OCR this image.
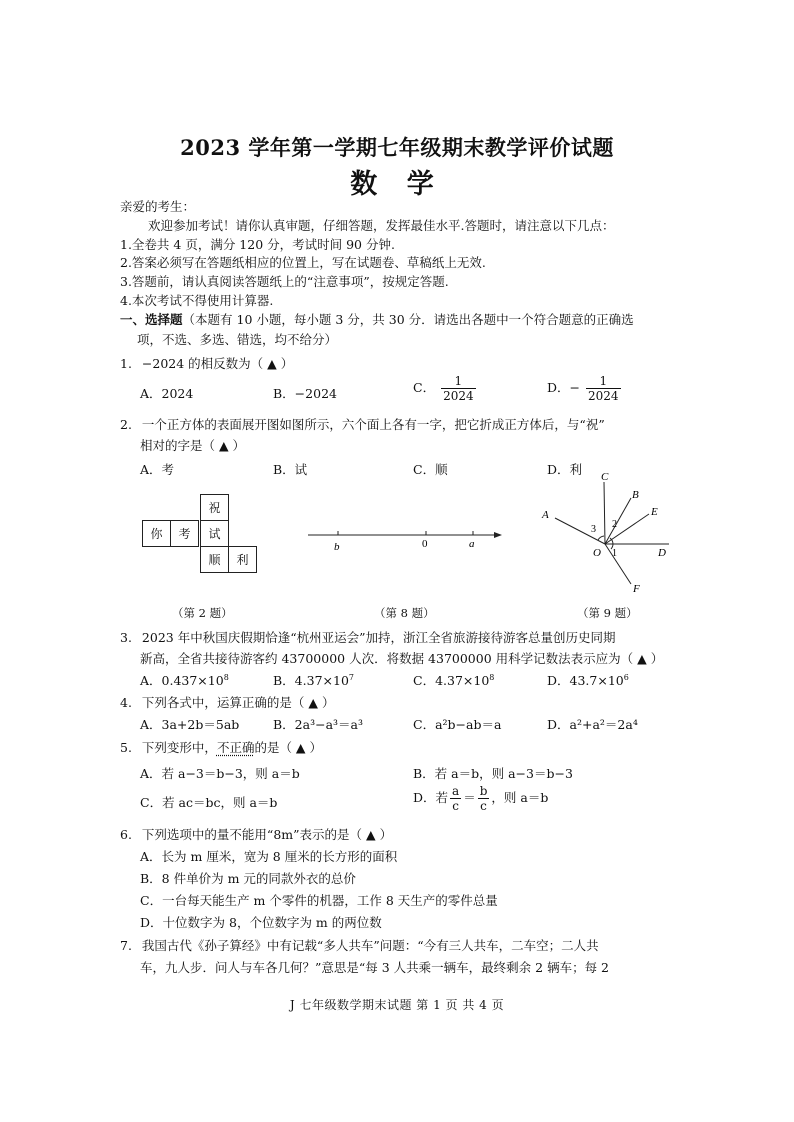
2023 学年第一学期七年级期末教学评价试题
数 学
亲爱的考生：
欢迎参加考试！请你认真审题，仔细答题，发挥最佳水平.答题时，请注意以下几点：
1.全卷共 4 页，满分 120 分，考试时间 90 分钟.
2.答案必须写在答题纸相应的位置上，写在试题卷、草稿纸上无效.
3.答题前，请认真阅读答题纸上的“注意事项”，按规定答题.
4.本次考试不得使用计算器.
一、选择题（本题有 10 小题，每小题 3 分，共 30 分．请选出各题中一个符合题意的正确选
项，不选、多选、错选，均不给分）
1. −2024 的相反数为（ ▲ ）
A．2024	B．−2024	C． $\frac{1}{2024}$	D．− $\frac{1}{2024}$
2. 一个正方体的表面展开图如图所示，六个面上各有一字，把它折成正方体后，与“祝”
相对的字是（ ▲ ）
A．考	B．试	C．顺	D．利
祝
你	考	试
顺	利
（第 2 题）
b	0	a
（第 8 题）
C
B
E
A
D
F
O
2
3
1
（第 9 题）
3. 2023 年中秋国庆假期恰逢“杭州亚运会”加持，浙江全省旅游接待游客总量创历史同期
新高，全省共接待游客约 43700000 人次．将数据 43700000 用科学记数法表示应为（ ▲ ）
A．$0.437\times 10^8$	B．$4.37\times 10^7$	C．$4.37\times 10^8$	D．$43.7\times 10^6$
4. 下列各式中，运算正确的是（ ▲ ）
A．3a+2b＝5ab	B．2a³−a³＝a³	C．a²b−ab＝a	D．a²+a²＝2a⁴
5. 下列变形中，不正确的是（ ▲ ）
A．若 a−3＝b−3，则 a＝b	B．若 a＝b，则 a−3＝b−3
C．若 ac＝bc，则 a＝b	D．若 $\frac{a}{c} = \frac{b}{c}$ ，则 a＝b
6. 下列选项中的量不能用“8m”表示的是（ ▲ ）
A．长为 m 厘米，宽为 8 厘米的长方形的面积
B．8 件单价为 m 元的同款外衣的总价
C．一台每天能生产 m 个零件的机器，工作 8 天生产的零件总量
D．十位数字为 8，个位数字为 m 的两位数
7. 我国古代《孙子算经》中有记载“多人共车”问题：“今有三人共车，二车空；二人共
车，九人步．问人与车各几何？”意思是“每 3 人共乘一辆车，最终剩余 2 辆车；每 2
J 七年级数学期末试题 第 1 页 共 4 页
